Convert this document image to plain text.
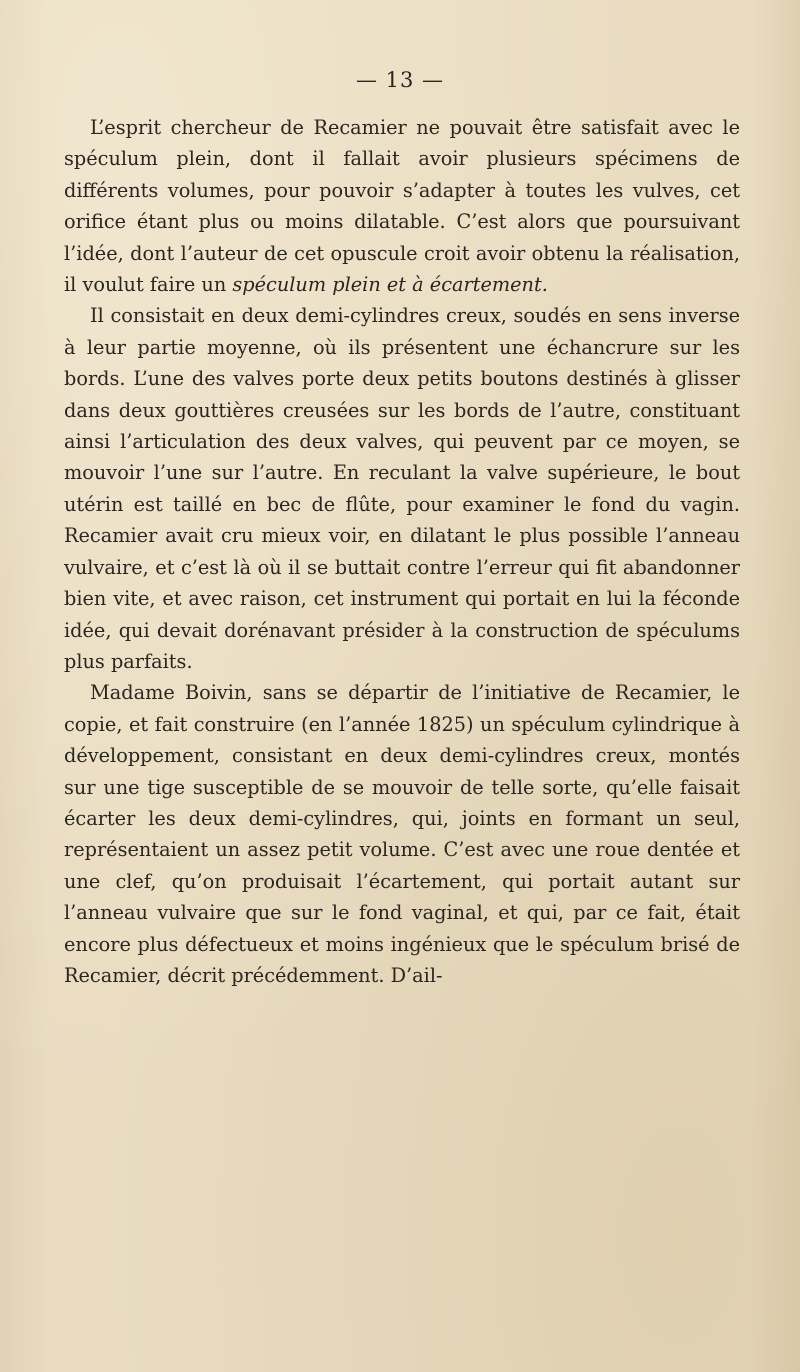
— 13 —

L’esprit chercheur de Recamier ne pouvait être satisfait avec le spéculum plein, dont il fallait avoir plusieurs spécimens de différents volumes, pour pouvoir s’adapter à toutes les vulves, cet orifice étant plus ou moins dilatable. C’est alors que poursuivant l’idée, dont l’auteur de cet opuscule croit avoir obtenu la réalisation, il voulut faire un spéculum plein et à écartement.

Il consistait en deux demi-cylindres creux, soudés en sens inverse à leur partie moyenne, où ils présentent une échancrure sur les bords. L’une des valves porte deux petits boutons destinés à glisser dans deux gouttières creusées sur les bords de l’autre, constituant ainsi l’articulation des deux valves, qui peuvent par ce moyen, se mouvoir l’une sur l’autre. En reculant la valve supérieure, le bout utérin est taillé en bec de flûte, pour examiner le fond du vagin. Recamier avait cru mieux voir, en dilatant le plus possible l’anneau vulvaire, et c’est là où il se buttait contre l’erreur qui fit abandonner bien vite, et avec raison, cet instrument qui portait en lui la féconde idée, qui devait dorénavant présider à la construction de spéculums plus parfaits.

Madame Boivin, sans se départir de l’initiative de Recamier, le copie, et fait construire (en l’année 1825) un spéculum cylindrique à développement, consistant en deux demi-cylindres creux, montés sur une tige susceptible de se mouvoir de telle sorte, qu’elle faisait écarter les deux demi-cylindres, qui, joints en formant un seul, représentaient un assez petit volume. C’est avec une roue dentée et une clef, qu’on produisait l’écartement, qui portait autant sur l’anneau vulvaire que sur le fond vaginal, et qui, par ce fait, était encore plus défectueux et moins ingénieux que le spéculum brisé de Recamier, décrit précédemment. D’ail-
